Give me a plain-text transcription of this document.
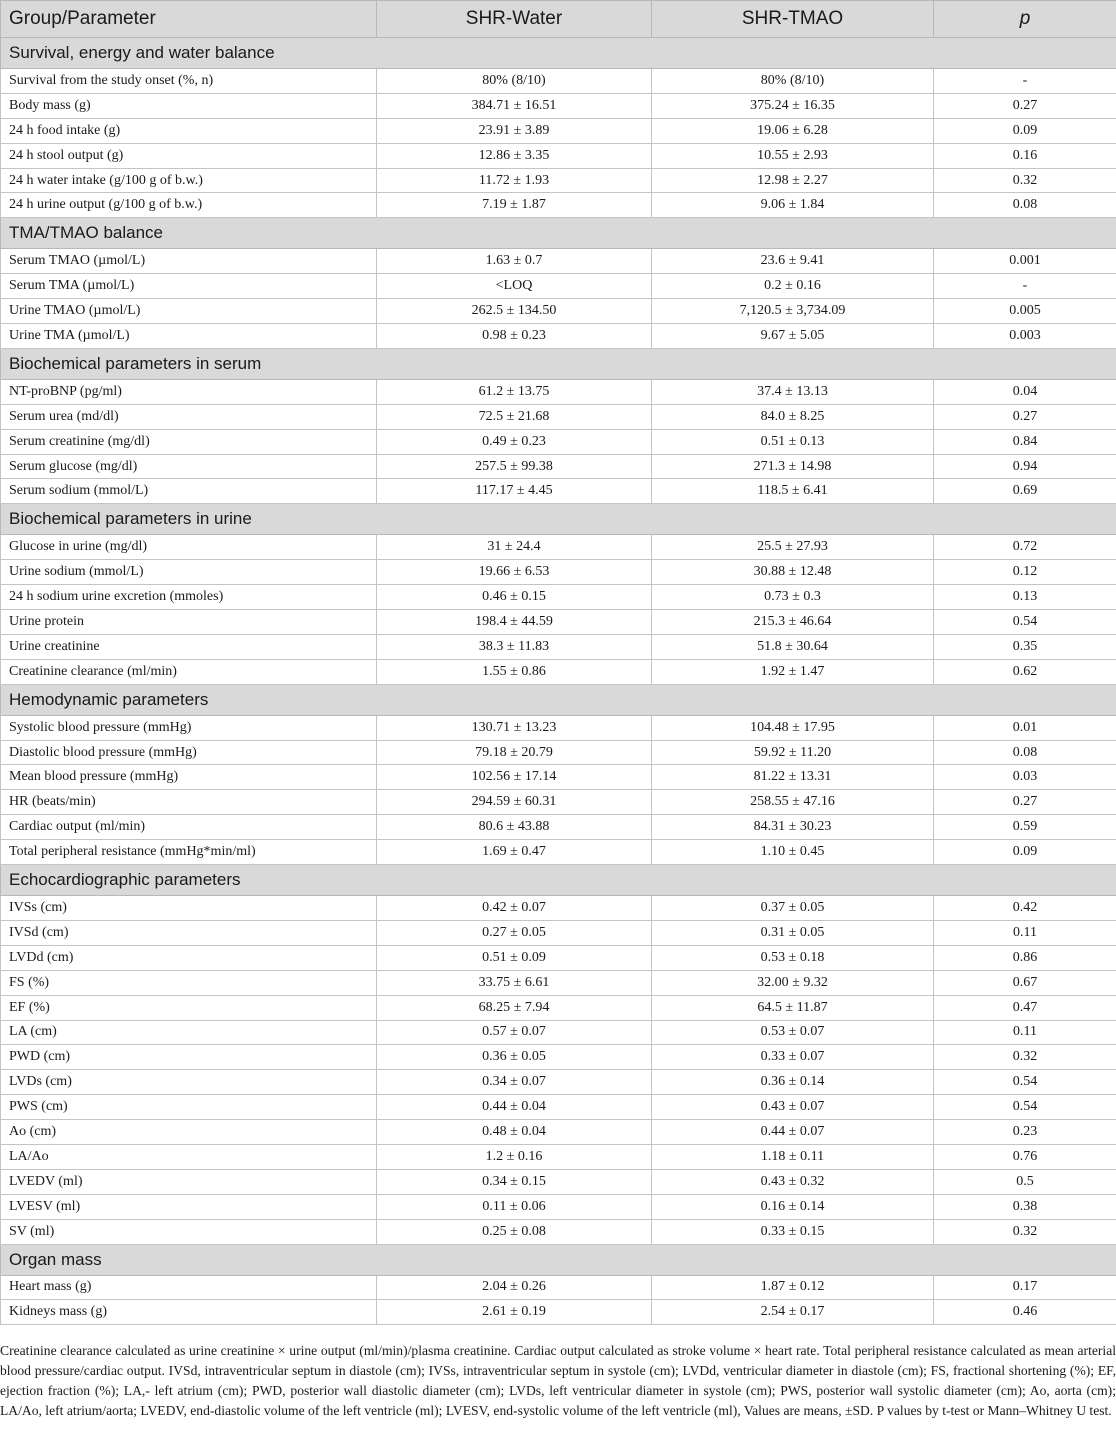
Group/Parameter	SHR-Water	SHR-TMAO	p
Survival, energy and water balance			
Survival from the study onset (%, n)	80% (8/10)	80% (8/10)	-
Body mass (g)	384.71 ± 16.51	375.24 ± 16.35	0.27
24 h food intake (g)	23.91 ± 3.89	19.06 ± 6.28	0.09
24 h stool output (g)	12.86 ± 3.35	10.55 ± 2.93	0.16
24 h water intake (g/100 g of b.w.)	11.72 ± 1.93	12.98 ± 2.27	0.32
24 h urine output (g/100 g of b.w.)	7.19 ± 1.87	9.06 ± 1.84	0.08
TMA/TMAO balance			
Serum TMAO (µmol/L)	1.63 ± 0.7	23.6 ± 9.41	0.001
Serum TMA (µmol/L)	<LOQ	0.2 ± 0.16	-
Urine TMAO (µmol/L)	262.5 ± 134.50	7,120.5 ± 3,734.09	0.005
Urine TMA (µmol/L)	0.98 ± 0.23	9.67 ± 5.05	0.003
Biochemical parameters in serum			
NT-proBNP (pg/ml)	61.2 ± 13.75	37.4 ± 13.13	0.04
Serum urea (md/dl)	72.5 ± 21.68	84.0 ± 8.25	0.27
Serum creatinine (mg/dl)	0.49 ± 0.23	0.51 ± 0.13	0.84
Serum glucose (mg/dl)	257.5 ± 99.38	271.3 ± 14.98	0.94
Serum sodium (mmol/L)	117.17 ± 4.45	118.5 ± 6.41	0.69
Biochemical parameters in urine			
Glucose in urine (mg/dl)	31 ± 24.4	25.5 ± 27.93	0.72
Urine sodium (mmol/L)	19.66 ± 6.53	30.88 ± 12.48	0.12
24 h sodium urine excretion (mmoles)	0.46 ± 0.15	0.73 ± 0.3	0.13
Urine protein	198.4 ± 44.59	215.3 ± 46.64	0.54
Urine creatinine	38.3 ± 11.83	51.8 ± 30.64	0.35
Creatinine clearance (ml/min)	1.55 ± 0.86	1.92 ± 1.47	0.62
Hemodynamic parameters			
Systolic blood pressure (mmHg)	130.71 ± 13.23	104.48 ± 17.95	0.01
Diastolic blood pressure (mmHg)	79.18 ± 20.79	59.92 ± 11.20	0.08
Mean blood pressure (mmHg)	102.56 ± 17.14	81.22 ± 13.31	0.03
HR (beats/min)	294.59 ± 60.31	258.55 ± 47.16	0.27
Cardiac output (ml/min)	80.6 ± 43.88	84.31 ± 30.23	0.59
Total peripheral resistance (mmHg*min/ml)	1.69 ± 0.47	1.10 ± 0.45	0.09
Echocardiographic parameters			
IVSs (cm)	0.42 ± 0.07	0.37 ± 0.05	0.42
IVSd (cm)	0.27 ± 0.05	0.31 ± 0.05	0.11
LVDd (cm)	0.51 ± 0.09	0.53 ± 0.18	0.86
FS (%)	33.75 ± 6.61	32.00 ± 9.32	0.67
EF (%)	68.25 ± 7.94	64.5 ± 11.87	0.47
LA (cm)	0.57 ± 0.07	0.53 ± 0.07	0.11
PWD (cm)	0.36 ± 0.05	0.33 ± 0.07	0.32
LVDs (cm)	0.34 ± 0.07	0.36 ± 0.14	0.54
PWS (cm)	0.44 ± 0.04	0.43 ± 0.07	0.54
Ao (cm)	0.48 ± 0.04	0.44 ± 0.07	0.23
LA/Ao	1.2 ± 0.16	1.18 ± 0.11	0.76
LVEDV (ml)	0.34 ± 0.15	0.43 ± 0.32	0.5
LVESV (ml)	0.11 ± 0.06	0.16 ± 0.14	0.38
SV (ml)	0.25 ± 0.08	0.33 ± 0.15	0.32
Organ mass			
Heart mass (g)	2.04 ± 0.26	1.87 ± 0.12	0.17
Kidneys mass (g)	2.61 ± 0.19	2.54 ± 0.17	0.46

Creatinine clearance calculated as urine creatinine × urine output (ml/min)/plasma creatinine. Cardiac output calculated as stroke volume × heart rate. Total peripheral resistance calculated as mean arterial blood pressure/cardiac output. IVSd, intraventricular septum in diastole (cm); IVSs, intraventricular septum in systole (cm); LVDd, ventricular diameter in diastole (cm); FS, fractional shortening (%); EF, ejection fraction (%); LA,- left atrium (cm); PWD, posterior wall diastolic diameter (cm); LVDs, left ventricular diameter in systole (cm); PWS, posterior wall systolic diameter (cm); Ao, aorta (cm); LA/Ao, left atrium/aorta; LVEDV, end-diastolic volume of the left ventricle (ml); LVESV, end-systolic volume of the left ventricle (ml), Values are means, ±SD. P values by t-test or Mann–Whitney U test.
